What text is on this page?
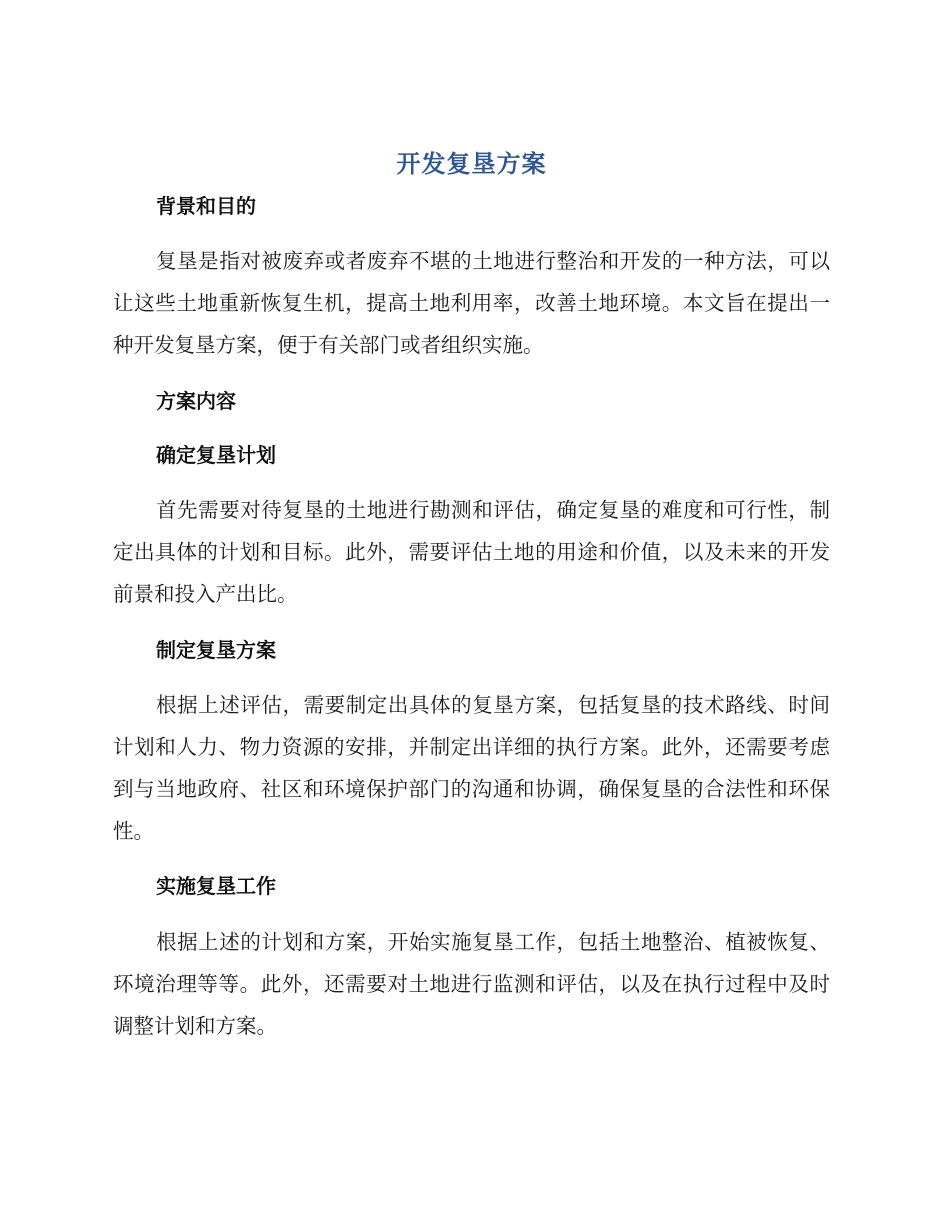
开发复垦方案
背景和目的

复垦是指对被废弃或者废弃不堪的土地进行整治和开发的一种方法，可以让这些土地重新恢复生机，提高土地利用率，改善土地环境。本文旨在提出一种开发复垦方案，便于有关部门或者组织实施。

方案内容
确定复垦计划

首先需要对待复垦的土地进行勘测和评估，确定复垦的难度和可行性，制定出具体的计划和目标。此外，需要评估土地的用途和价值，以及未来的开发前景和投入产出比。

制定复垦方案

根据上述评估，需要制定出具体的复垦方案，包括复垦的技术路线、时间计划和人力、物力资源的安排，并制定出详细的执行方案。此外，还需要考虑到与当地政府、社区和环境保护部门的沟通和协调，确保复垦的合法性和环保性。

实施复垦工作

根据上述的计划和方案，开始实施复垦工作，包括土地整治、植被恢复、环境治理等等。此外，还需要对土地进行监测和评估，以及在执行过程中及时调整计划和方案。
